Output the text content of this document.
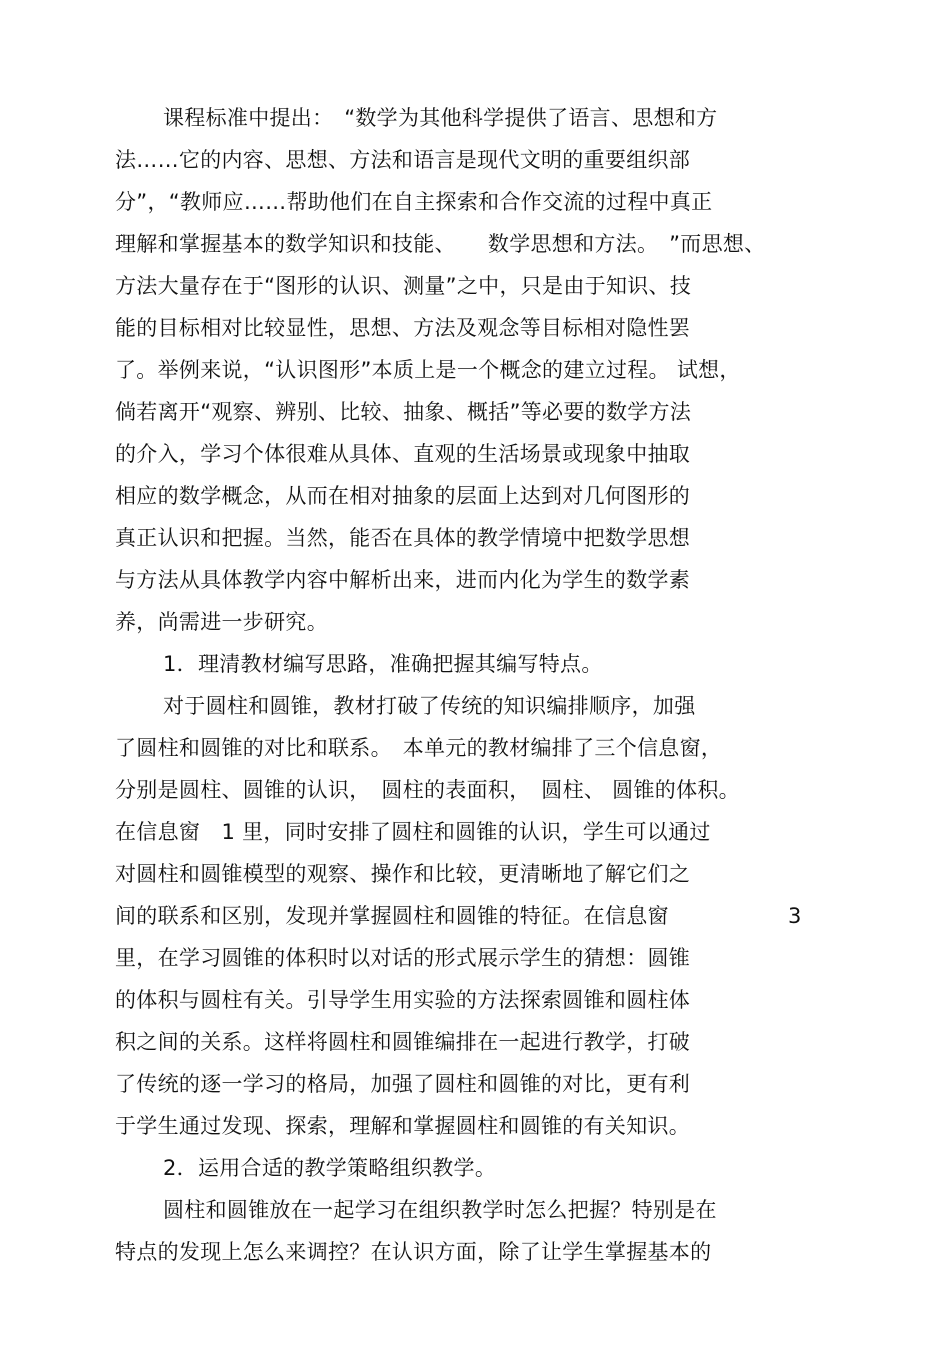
课程标准中提出：　“数学为其他科学提供了语言、思想和方
法……它的内容、思想、方法和语言是现代文明的重要组织部
分”，“教师应……帮助他们在自主探索和合作交流的过程中真正
理解和掌握基本的数学知识和技能、　　数学思想和方法。　”而思想、
方法大量存在于“图形的认识、测量”之中，只是由于知识、技
能的目标相对比较显性，思想、方法及观念等目标相对隐性罢
了。举例来说，“认识图形”本质上是一个概念的建立过程。 试想，
倘若离开“观察、辨别、比较、抽象、概括”等必要的数学方法
的介入，学习个体很难从具体、直观的生活场景或现象中抽取
相应的数学概念，从而在相对抽象的层面上达到对几何图形的
真正认识和把握。当然，能否在具体的教学情境中把数学思想
与方法从具体教学内容中解析出来，进而内化为学生的数学素
养，尚需进一步研究。
1．理清教材编写思路，准确把握其编写特点。
对于圆柱和圆锥，教材打破了传统的知识编排顺序，加强
了圆柱和圆锥的对比和联系。　本单元的教材编排了三个信息窗，
分别是圆柱、圆锥的认识，　圆柱的表面积，　圆柱、 圆锥的体积。
在信息窗　1 里，同时安排了圆柱和圆锥的认识，学生可以通过
对圆柱和圆锥模型的观察、操作和比较，更清晰地了解它们之
间的联系和区别，发现并掌握圆柱和圆锥的特征。在信息窗	3
里，在学习圆锥的体积时以对话的形式展示学生的猜想：圆锥
的体积与圆柱有关。引导学生用实验的方法探索圆锥和圆柱体
积之间的关系。这样将圆柱和圆锥编排在一起进行教学，打破
了传统的逐一学习的格局，加强了圆柱和圆锥的对比，更有利
于学生通过发现、探索，理解和掌握圆柱和圆锥的有关知识。
2．运用合适的教学策略组织教学。
圆柱和圆锥放在一起学习在组织教学时怎么把握？特别是在
特点的发现上怎么来调控？在认识方面，除了让学生掌握基本的
